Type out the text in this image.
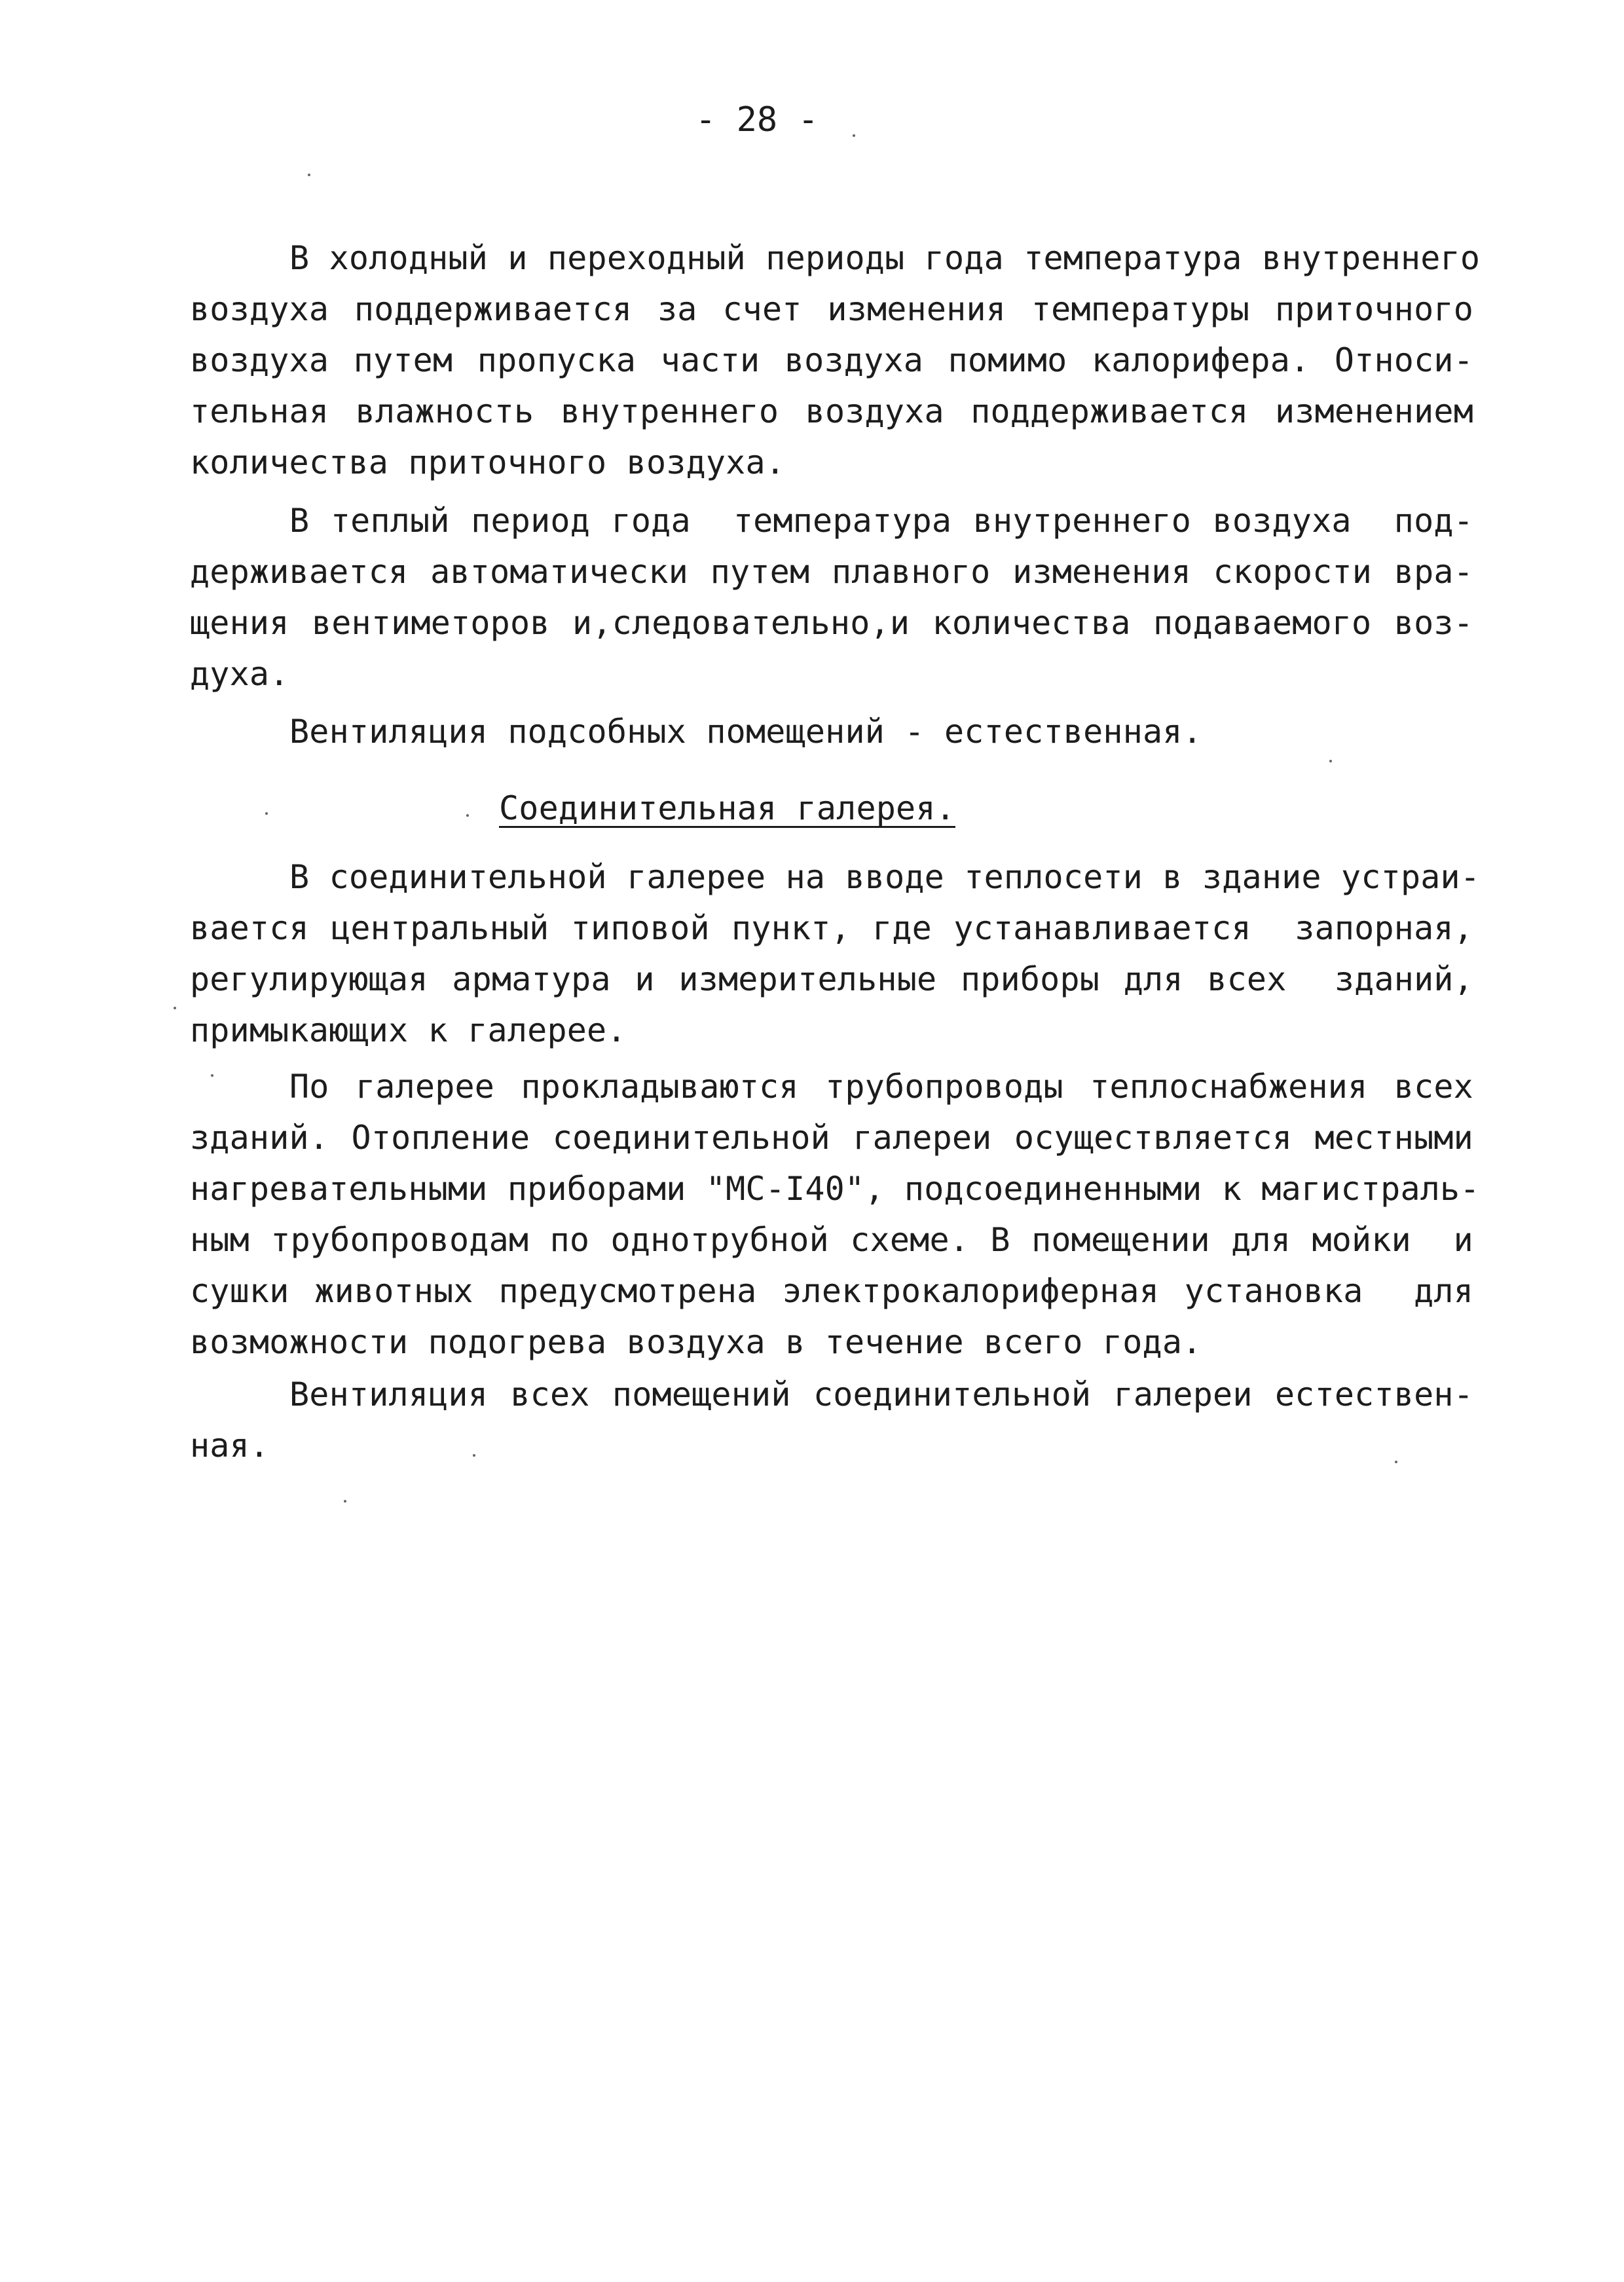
- 28 -
В холодный и переходный периоды года температура внутреннего
воздуха поддерживается за счет изменения температуры приточного
воздуха путем пропуска части воздуха помимо калорифера. Относи-
тельная влажность внутреннего воздуха поддерживается изменением
количества приточного воздуха.
В теплый период года  температура внутреннего воздуха  под-
держивается автоматически путем плавного изменения скорости вра-
щения вентиметоров и,следовательно,и количества подаваемого воз-
духа.
Вентиляция подсобных помещений - естественная.
Соединительная галерея.
В соединительной галерее на вводе теплосети в здание устраи-
вается центральный типовой пункт, где устанавливается  запорная,
регулирующая арматура и измерительные приборы для всех  зданий,
примыкающих к галерее.
По галерее прокладываются трубопроводы теплоснабжения всех
зданий. Отопление соединительной галереи осуществляется местными
нагревательными приборами "МС-I40", подсоединенными к магистраль-
ным трубопроводам по однотрубной схеме. В помещении для мойки  и
сушки животных предусмотрена электрокалориферная установка  для
возможности подогрева воздуха в течение всего года.
Вентиляция всех помещений соединительной галереи естествен-
ная.
